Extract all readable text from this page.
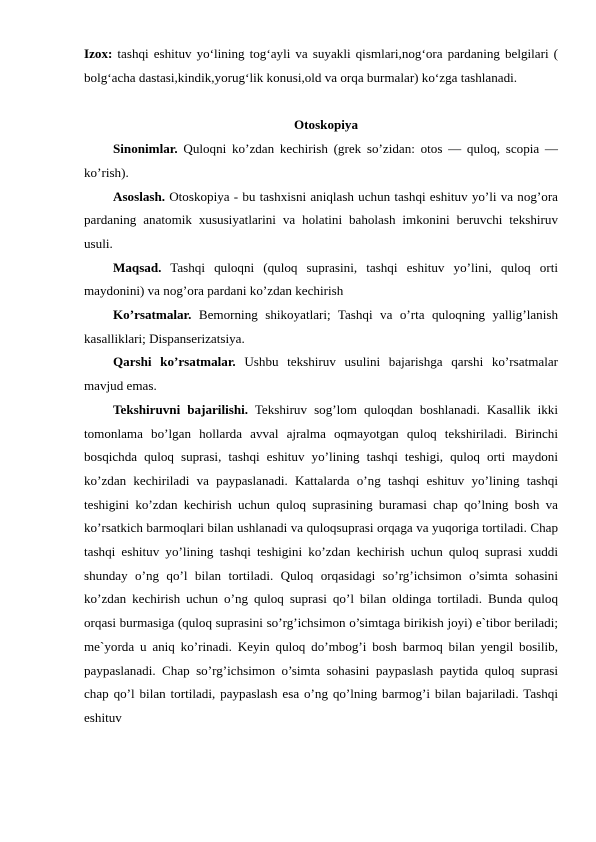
Izox: tashqi eshituv yo‘lining tog‘ayli va suyakli qismlari,nog‘ora pardaning belgilari ( bolg‘acha dastasi,kindik,yorug‘lik konusi,old va orqa burmalar) ko‘zga tashlanadi.

Otoskopiya

Sinonimlar. Quloqni ko’zdan kechirish (grek so’zidan: otos — quloq, scopia — ko’rish).

Asoslash. Otoskopiya - bu tashxisni aniqlash uchun tashqi eshituv yo’li va nog’ora pardaning anatomik xususiyatlarini va holatini baholash imkonini beruvchi tekshiruv usuli.

Maqsad. Tashqi quloqni (quloq suprasini, tashqi eshituv yo’lini, quloq orti maydonini) va nog’ora pardani ko’zdan kechirish

Ko’rsatmalar. Bemorning shikoyatlari; Tashqi va o’rta quloqning yallig’lanish kasalliklari; Dispanserizatsiya.

Qarshi ko’rsatmalar. Ushbu tekshiruv usulini bajarishga qarshi ko’rsatmalar mavjud emas.

Tekshiruvni bajarilishi. Tekshiruv sog’lom quloqdan boshlanadi. Kasallik ikki tomonlama bo’lgan hollarda avval ajralma oqmayotgan quloq tekshiriladi. Birinchi bosqichda quloq suprasi, tashqi eshituv yo’lining tashqi teshigi, quloq orti maydoni ko’zdan kechiriladi va paypaslanadi. Kattalarda o’ng tashqi eshituv yo’lining tashqi teshigini ko’zdan kechirish uchun quloq suprasining buramasi chap qo’lning bosh va ko’rsatkich barmoqlari bilan ushlanadi va quloqsuprasi orqaga va yuqoriga tortiladi. Chap tashqi eshituv yo’lining tashqi teshigini ko’zdan kechirish uchun quloq suprasi xuddi shunday o’ng qo’l bilan tortiladi. Quloq orqasidagi so’rg’ichsimon o’simta sohasini ko’zdan kechirish uchun o’ng quloq suprasi qo’l bilan oldinga tortiladi. Bunda quloq orqasi burmasiga (quloq suprasini so’rg’ichsimon o’simtaga birikish joyi) e`tibor beriladi; me`yorda u aniq ko’rinadi. Keyin quloq do’mbog’i bosh barmoq bilan yengil bosilib, paypaslanadi. Chap so’rg’ichsimon o’simta sohasini paypaslash paytida quloq suprasi chap qo’l bilan tortiladi, paypaslash esa o’ng qo’lning barmog’i bilan bajariladi. Tashqi eshituv
